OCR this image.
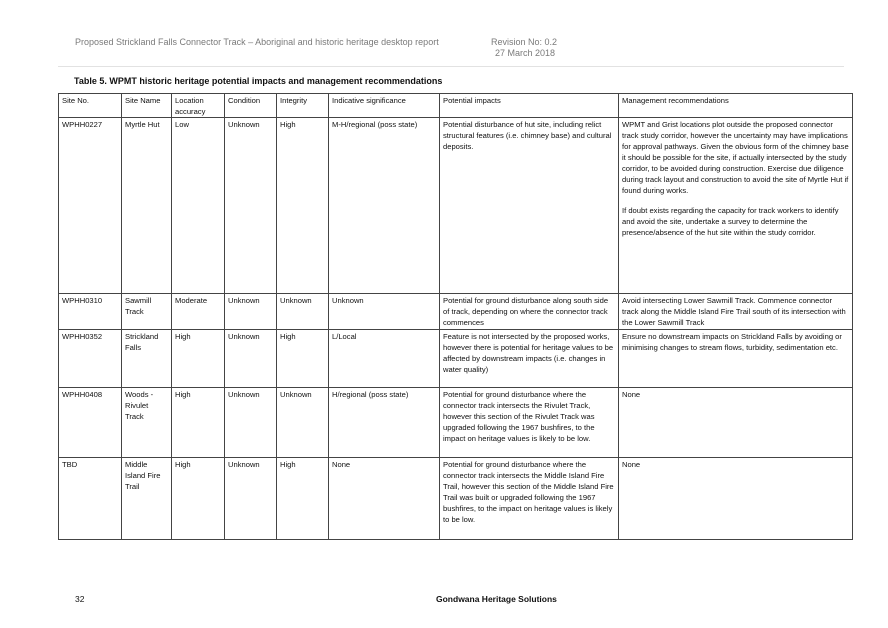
Proposed Strickland Falls Connector Track – Aboriginal and historic heritage desktop report	Revision No: 0.2
27 March 2018
Table 5. WPMT historic heritage potential impacts and management recommendations
Site No.	Site Name	Location accuracy	Condition	Integrity	Indicative significance	Potential impacts	Management recommendations
WPHH0227	Myrtle Hut	Low	Unknown	High	M-H/regional (poss state)	Potential disturbance of hut site, including relict structural features (i.e. chimney base) and cultural deposits.	WPMT and Grist locations plot outside the proposed connector track study corridor, however the uncertainty may have implications for approval pathways. Given the obvious form of the chimney base it should be possible for the site, if actually intersected by the study corridor, to be avoided during construction. Exercise due diligence during track layout and construction to avoid the site of Myrtle Hut if found during works.
If doubt exists regarding the capacity for track workers to identify and avoid the site, undertake a survey to determine the presence/absence of the hut site within the study corridor.

WPHH0310	Sawmill Track	Moderate	Unknown	Unknown	Unknown	Potential for ground disturbance along south side of track, depending on where the connector track commences	Avoid intersecting Lower Sawmill Track. Commence connector track along the Middle Island Fire Trail south of its intersection with the Lower Sawmill Track
WPHH0352	Strickland Falls	High	Unknown	High	L/Local	Feature is not intersected by the proposed works, however there is potential for heritage values to be affected by downstream impacts (i.e. changes in water quality)	Ensure no downstream impacts on Strickland Falls by avoiding or minimising changes to stream flows, turbidity, sedimentation etc.
WPHH0408	Woods - Rivulet Track	High	Unknown	Unknown	H/regional (poss state)	Potential for ground disturbance where the connector track intersects the Rivulet Track, however this section of the Rivulet Track was upgraded following the 1967 bushfires, to the impact on heritage values is likely to be low.	None
TBD	Middle Island Fire Trail	High	Unknown	High	None	Potential for ground disturbance where the connector track intersects the Middle Island Fire Trail, however this section of the Middle Island Fire Trail was built or upgraded following the 1967 bushfires, to the impact on heritage values is likely to be low.	None
32	Gondwana Heritage Solutions
